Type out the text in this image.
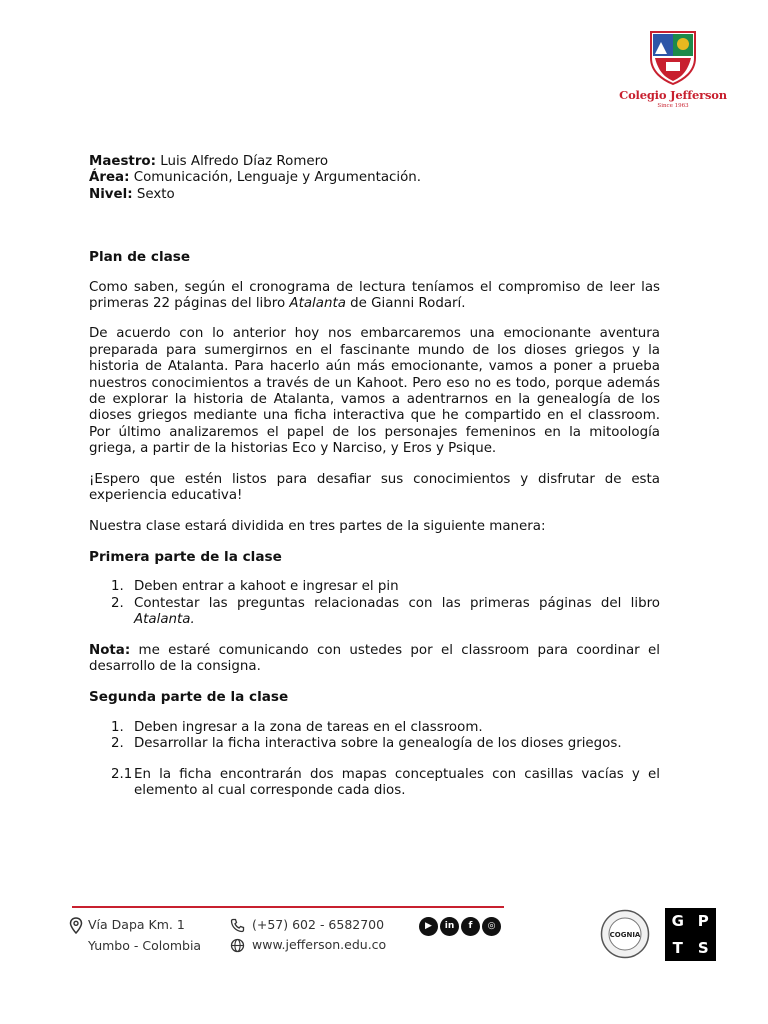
Colegio Jefferson
Since 1963

Maestro: Luis Alfredo Díaz Romero

Área: Comunicación, Lenguaje y Argumentación.

Nivel: Sexto

Plan de clase

Como saben, según el cronograma de lectura teníamos el compromiso de leer las primeras 22 páginas del libro Atalanta de Gianni Rodarí.

De acuerdo con lo anterior hoy nos embarcaremos una emocionante aventura preparada para sumergirnos en el fascinante mundo de los dioses griegos y la historia de Atalanta. Para hacerlo aún más emocionante, vamos a poner a prueba nuestros conocimientos a través de un Kahoot. Pero eso no es todo, porque además de explorar la historia de Atalanta, vamos a adentrarnos en la genealogía de los dioses griegos mediante una ficha interactiva que he compartido en el classroom. Por último analizaremos el papel de los personajes femeninos en la mitoología griega, a partir de la historias Eco y Narciso, y Eros y Psique.

¡Espero que estén listos para desafiar sus conocimientos y disfrutar de esta experiencia educativa!

Nuestra clase estará dividida en tres partes de la siguiente manera:

Primera parte de la clase
1. Deben entrar a kahoot e ingresar el pin
2. Contestar las preguntas relacionadas con las primeras páginas del libro Atalanta.

Nota: me estaré comunicando con ustedes por el classroom para coordinar el desarrollo de la consigna.

Segunda parte de la clase
1. Deben ingresar a la zona de tareas en el classroom.
2. Desarrollar la ficha interactiva sobre la genealogía de los dioses griegos.
2.1 En la ficha encontrarán dos mapas conceptuales con casillas vacías y el elemento al cual corresponde cada dios.
Vía Dapa Km. 1
Yumbo - Colombia
(+57) 602 - 6582700
www.jefferson.edu.co
▶	in	f	◎
COGNIA
G P
T S
